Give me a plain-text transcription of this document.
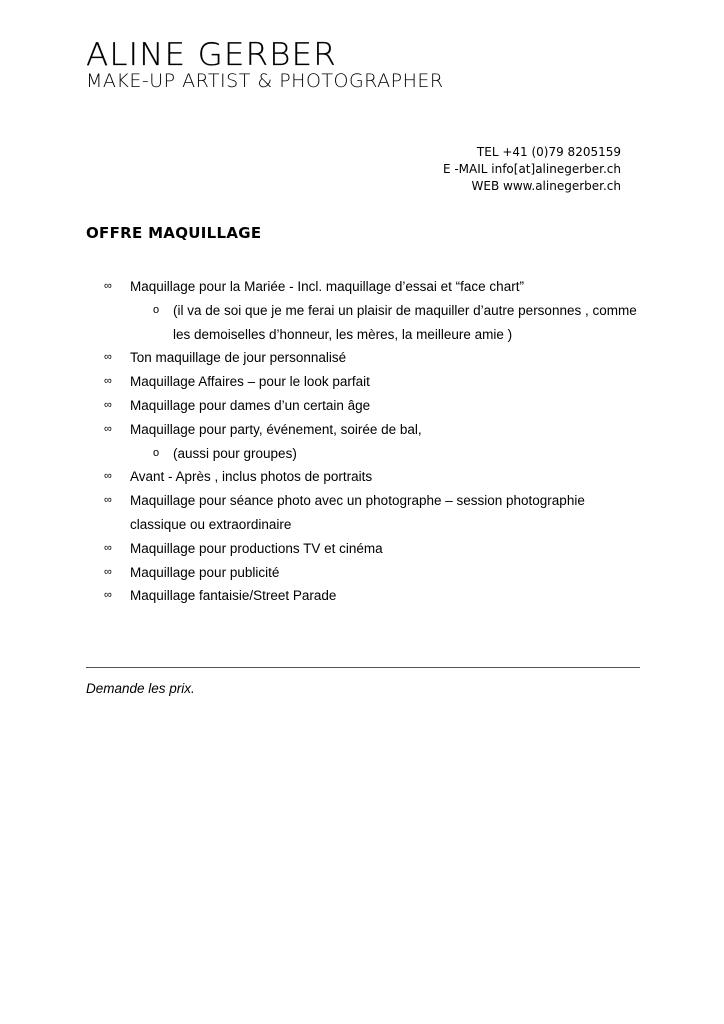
ALINE GERBER
MAKE-UP ARTIST & PHOTOGRAPHER
TEL +41 (0)79 8205159
E -MAIL info[at]alinegerber.ch
WEB www.alinegerber.ch
OFFRE MAQUILLAGE
∞	Maquillage pour la Mariée - Incl. maquillage d’essai et “face chart”
o	(il va de soi que je me ferai un plaisir de maquiller d’autre personnes , comme les demoiselles d’honneur, les mères, la meilleure amie )
∞	Ton maquillage de jour personnalisé
∞	Maquillage Affaires – pour le look parfait
∞	Maquillage pour dames d’un certain âge
∞	Maquillage pour party, événement, soirée de bal,
o	(aussi pour groupes)
∞	Avant - Après , inclus photos de portraits
∞	Maquillage pour séance photo avec un photographe – session photographie classique ou extraordinaire
∞	Maquillage pour productions TV et cinéma
∞	Maquillage pour publicité
∞	Maquillage fantaisie/Street Parade
Demande les prix.
